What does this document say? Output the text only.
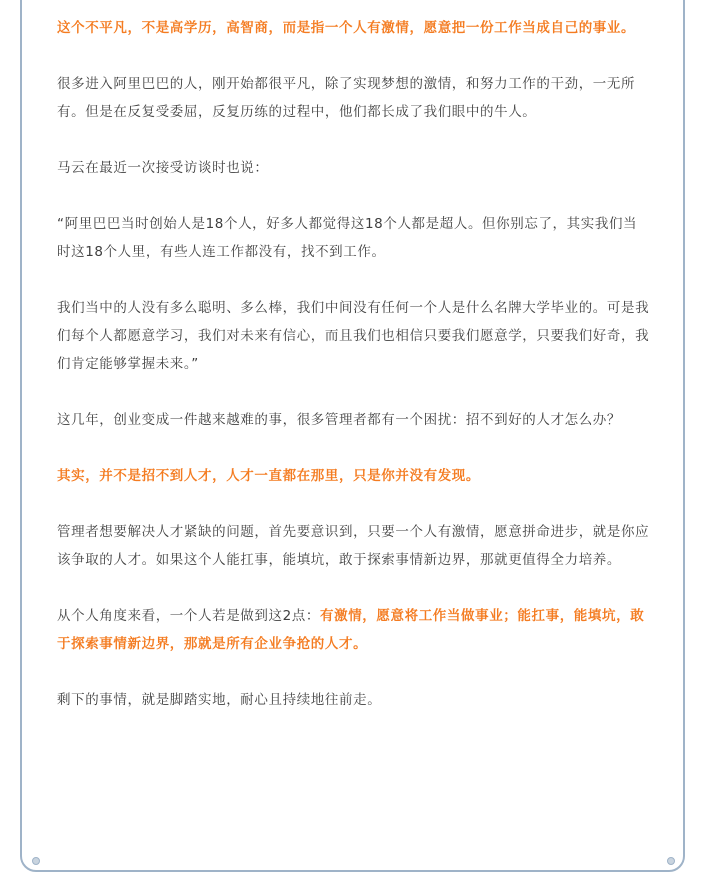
这个不平凡，不是高学历，高智商，而是指一个人有激情，愿意把一份工作当成自己的事业。

很多进入阿里巴巴的人，刚开始都很平凡，除了实现梦想的激情，和努力工作的干劲，一无所有。但是在反复受委屈，反复历练的过程中，他们都长成了我们眼中的牛人。

马云在最近一次接受访谈时也说：

“阿里巴巴当时创始人是18个人，好多人都觉得这18个人都是超人。但你别忘了，其实我们当时这18个人里，有些人连工作都没有，找不到工作。

我们当中的人没有多么聪明、多么棒，我们中间没有任何一个人是什么名牌大学毕业的。可是我们每个人都愿意学习，我们对未来有信心，而且我们也相信只要我们愿意学，只要我们好奇，我们肯定能够掌握未来。”

这几年，创业变成一件越来越难的事，很多管理者都有一个困扰：招不到好的人才怎么办？

其实，并不是招不到人才，人才一直都在那里，只是你并没有发现。

管理者想要解决人才紧缺的问题，首先要意识到，只要一个人有激情，愿意拼命进步，就是你应该争取的人才。如果这个人能扛事，能填坑，敢于探索事情新边界，那就更值得全力培养。

从个人角度来看，一个人若是做到这2点：有激情，愿意将工作当做事业；能扛事，能填坑，敢于探索事情新边界，那就是所有企业争抢的人才。

剩下的事情，就是脚踏实地，耐心且持续地往前走。
